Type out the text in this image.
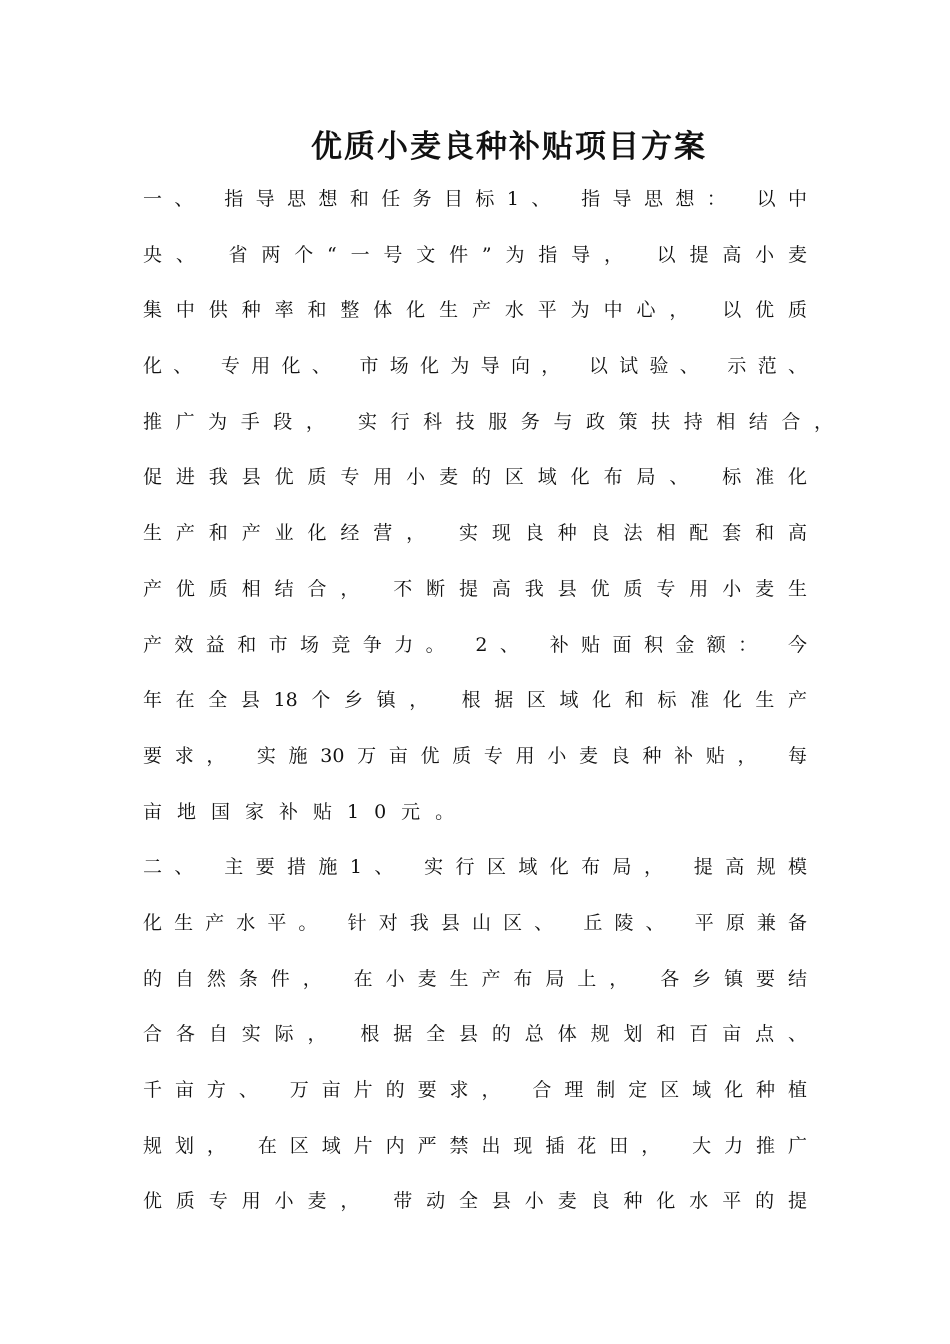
优质小麦良种补贴项目方案
一、 指导思想和任务目标1、 指导思想： 以中
央、 省两个“一号文件”为指导， 以提高小麦
集中供种率和整体化生产水平为中心， 以优质
化、 专用化、 市场化为导向， 以试验、 示范、
推广为手段， 实行科技服务与政策扶持相结合，
促进我县优质专用小麦的区域化布局、 标准化
生产和产业化经营， 实现良种良法相配套和高
产优质相结合， 不断提高我县优质专用小麦生
产效益和市场竞争力。 2、 补贴面积金额： 今
年在全县18个乡镇， 根据区域化和标准化生产
要求， 实施30万亩优质专用小麦良种补贴， 每
亩地国家补贴10元。
二、 主要措施1、 实行区域化布局， 提高规模
化生产水平。 针对我县山区、 丘陵、 平原兼备
的自然条件， 在小麦生产布局上， 各乡镇要结
合各自实际， 根据全县的总体规划和百亩点、
千亩方、 万亩片的要求， 合理制定区域化种植
规划， 在区域片内严禁出现插花田， 大力推广
优质专用小麦， 带动全县小麦良种化水平的提
